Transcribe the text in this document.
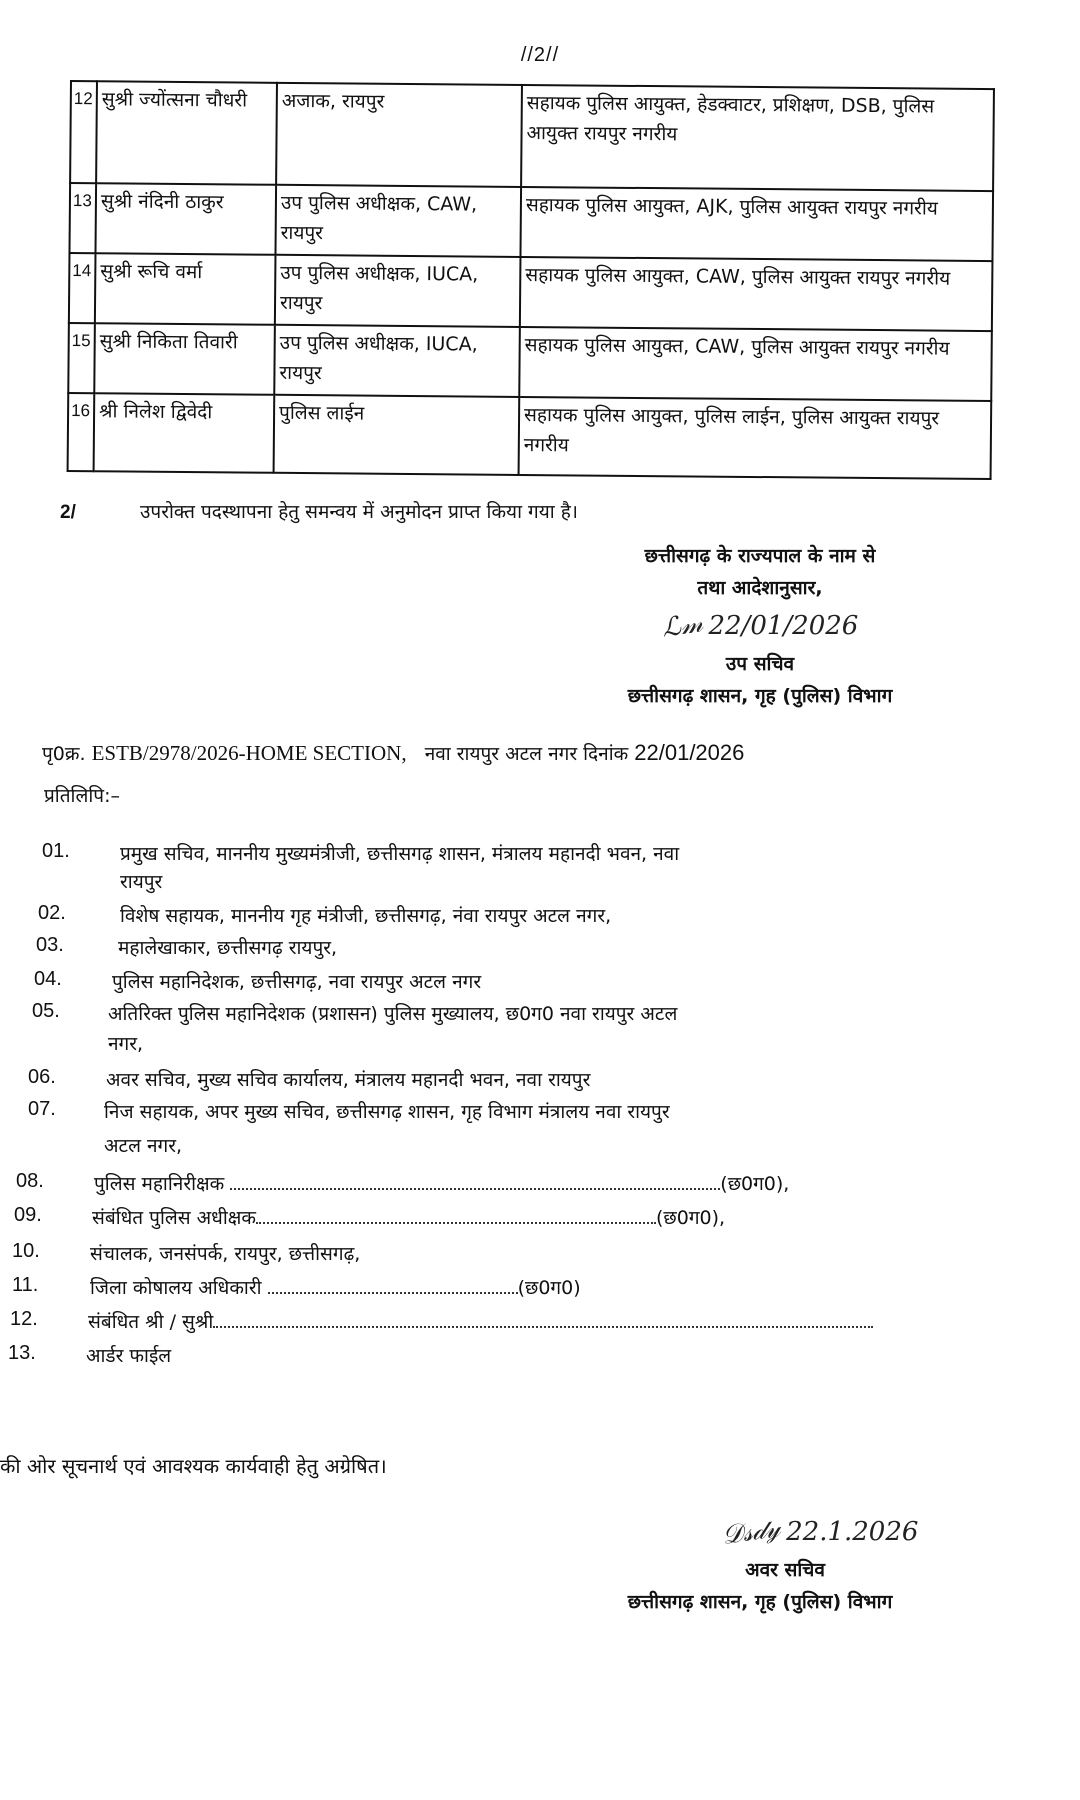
//2//
12	सुश्री ज्योंत्सना चौधरी	अजाक, रायपुर	सहायक पुलिस आयुक्त, हेडक्वाटर, प्रशिक्षण, DSB, पुलिस आयुक्त रायपुर नगरीय
13	सुश्री नंदिनी ठाकुर	उप पुलिस अधीक्षक, CAW, रायपुर	सहायक पुलिस आयुक्त, AJK, पुलिस आयुक्त रायपुर नगरीय
14	सुश्री रूचि वर्मा	उप पुलिस अधीक्षक, IUCA, रायपुर	सहायक पुलिस आयुक्त, CAW, पुलिस आयुक्त रायपुर नगरीय
15	सुश्री निकिता तिवारी	उप पुलिस अधीक्षक, IUCA, रायपुर	सहायक पुलिस आयुक्त, CAW, पुलिस आयुक्त रायपुर नगरीय
16	श्री निलेश द्विवेदी	पुलिस लाईन	सहायक पुलिस आयुक्त, पुलिस लाईन, पुलिस आयुक्त रायपुर नगरीय
2/	उपरोक्त पदस्थापना हेतु समन्वय में अनुमोदन प्राप्त किया गया है।
छत्तीसगढ़ के राज्यपाल के नाम से
तथा आदेशानुसार,
ℒ𝓂 22/01/2026
उप सचिव
छत्तीसगढ़ शासन, गृह (पुलिस) विभाग
पृ0क्र. ESTB/2978/2026-HOME SECTION, नवा रायपुर अटल नगर दिनांक 22/01/2026
प्रतिलिपि:–
01.	प्रमुख सचिव, माननीय मुख्यमंत्रीजी, छत्तीसगढ़ शासन, मंत्रालय महानदी भवन, नवा
रायपुर
02.	विशेष सहायक, माननीय गृह मंत्रीजी, छत्तीसगढ़, नंवा रायपुर अटल नगर,
03.	महालेखाकार, छत्तीसगढ़ रायपुर,
04.	पुलिस महानिदेशक, छत्तीसगढ़, नवा रायपुर अटल नगर
05.	अतिरिक्त पुलिस महानिदेशक (प्रशासन) पुलिस मुख्यालय, छ0ग0 नवा रायपुर अटल
नगर,
06.	अवर सचिव, मुख्य सचिव कार्यालय, मंत्रालय महानदी भवन, नवा रायपुर
07.	निज सहायक, अपर मुख्य सचिव, छत्तीसगढ़ शासन, गृह विभाग मंत्रालय नवा रायपुर
अटल नगर,
08.	पुलिस महानिरीक्षक	(छ0ग0),
09.	संबंधित पुलिस अधीक्षक	(छ0ग0),
10.	संचालक, जनसंपर्क, रायपुर, छत्तीसगढ़,
11.	जिला कोषालय अधिकारी	(छ0ग0)
12.	संबंधित श्री / सुश्री
13.	आर्डर फाईल
की ओर सूचनार्थ एवं आवश्यक कार्यवाही हेतु अग्रेषित।
𝒟𝓈𝒹𝓎 22.1.2026
अवर सचिव
छत्तीसगढ़ शासन, गृह (पुलिस) विभाग
